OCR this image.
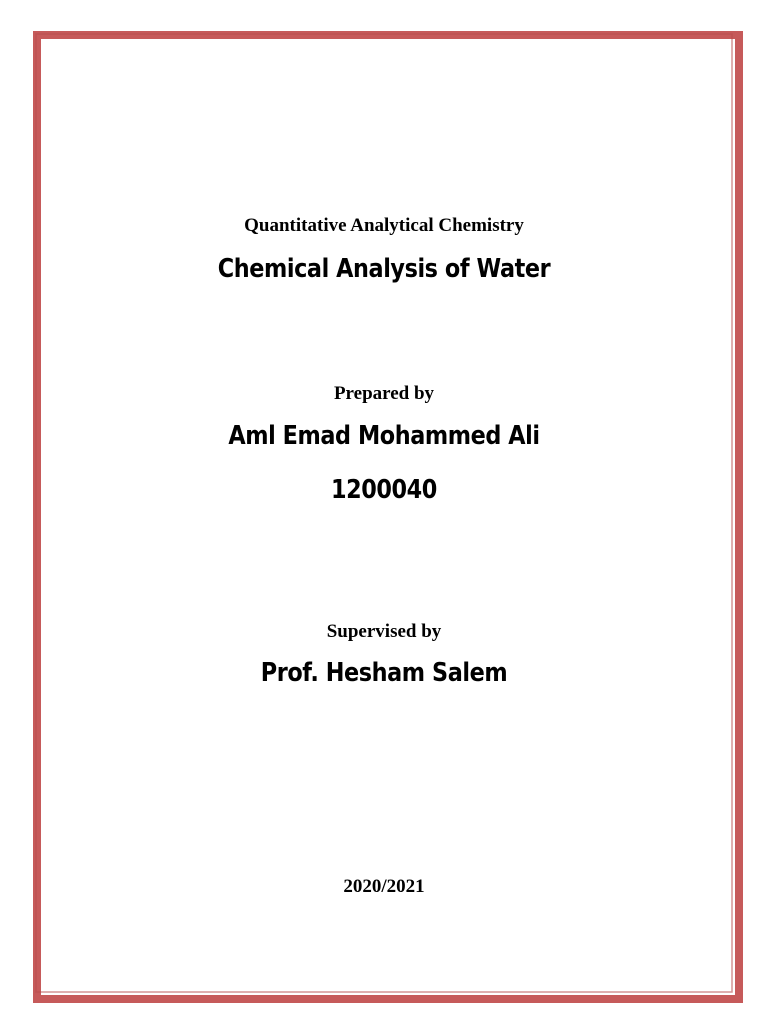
Quantitative Analytical Chemistry

Chemical Analysis of Water

Prepared by

Aml Emad Mohammed Ali

1200040

Supervised by

Prof. Hesham Salem

2020/2021
